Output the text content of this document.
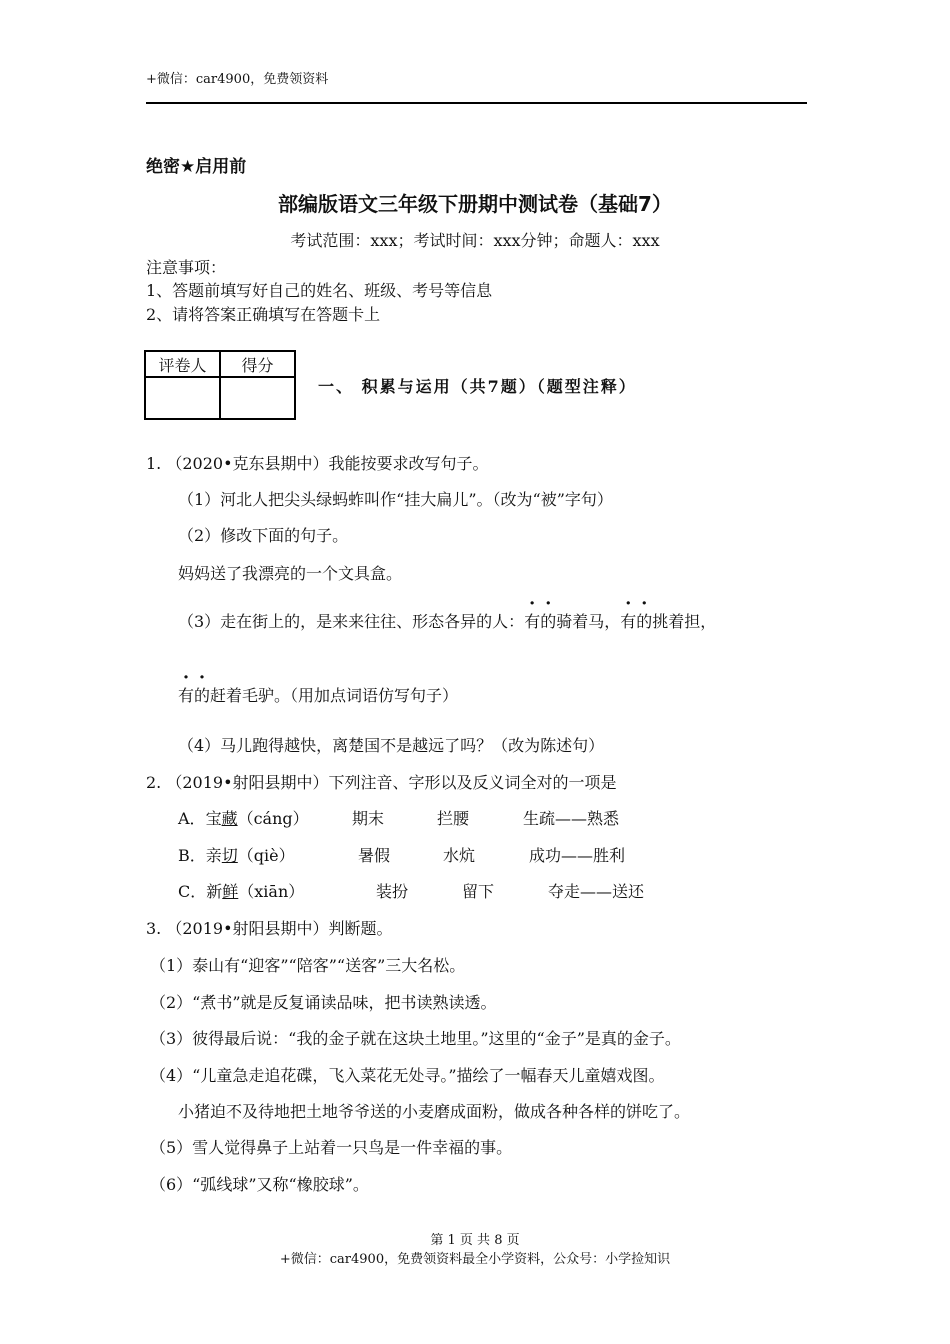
+微信：car4900，免费领资料
绝密★启用前
部编版语文三年级下册期中测试卷（基础7）
考试范围：xxx；考试时间：xxx分钟；命题人：xxx
注意事项：
1、答题前填写好自己的姓名、班级、考号等信息
2、请将答案正确填写在答题卡上
评卷人	得分

一、 积累与运用（共7题）（题型注释）
1. （2020•克东县期中）我能按要求改写句子。
（1）河北人把尖头绿蚂蚱叫作“挂大扁儿”。（改为“被”字句）
（2）修改下面的句子。
妈妈送了我漂亮的一个文具盒。
（3）走在街上的，是来来往往、形态各异的人：有的骑着马，有的挑着担，
有的赶着毛驴。（用加点词语仿写句子）
（4）马儿跑得越快，离楚国不是越远了吗？（改为陈述句）
2. （2019•射阳县期中）下列注音、字形以及反义词全对的一项是
A．宝藏（cáng）	期末	拦腰	生疏——熟悉
B．亲切（qiè）	暑假	水炕	成功——胜利
C．新鲜（xiān）	装扮	留下	夺走——送还
3. （2019•射阳县期中）判断题。
（1）泰山有“迎客”“陪客”“送客”三大名松。
（2）“煮书”就是反复诵读品味，把书读熟读透。
（3）彼得最后说：“我的金子就在这块土地里。”这里的“金子”是真的金子。
（4）“儿童急走追花碟，飞入菜花无处寻。”描绘了一幅春天儿童嬉戏图。
小猪迫不及待地把土地爷爷送的小麦磨成面粉，做成各种各样的饼吃了。
（5）雪人觉得鼻子上站着一只鸟是一件幸福的事。
（6）“弧线球”又称“橡胶球”。
第 1 页 共 8 页
+微信：car4900，免费领资料最全小学资料，公众号：小学捡知识
